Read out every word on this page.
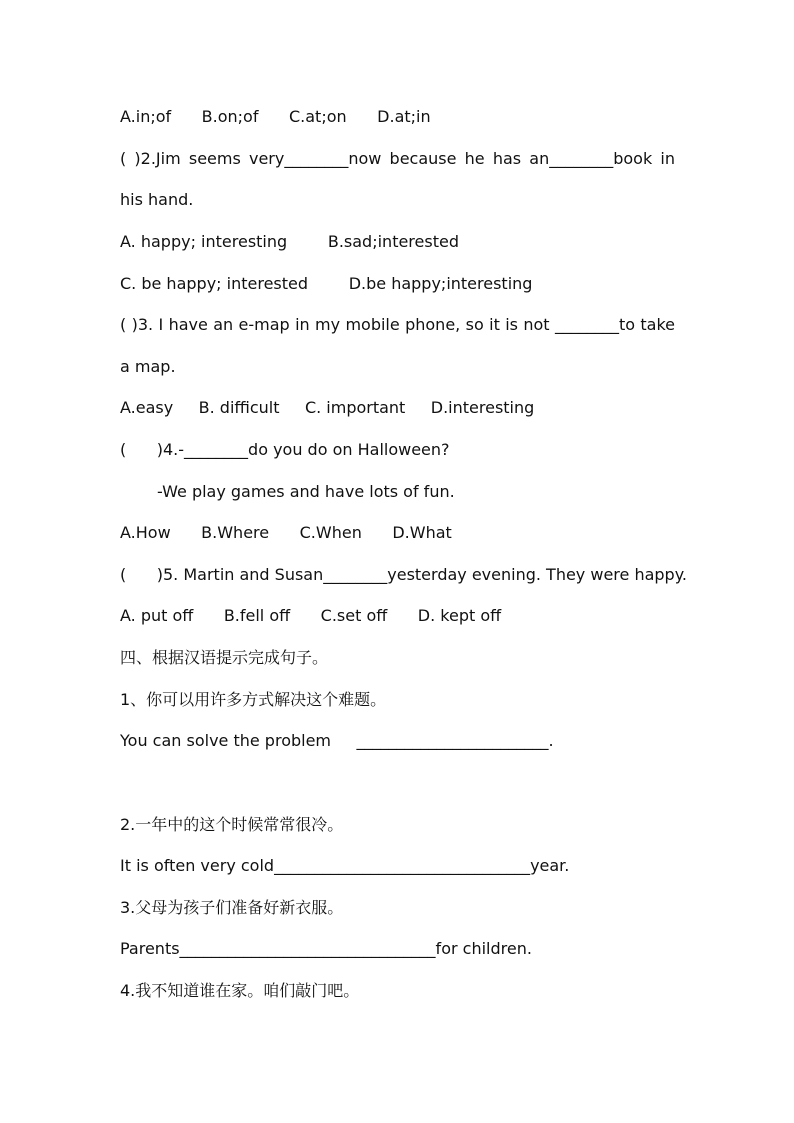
A.in;of      B.on;of      C.at;on      D.at;in
( )2.Jim seems very________now because he has an________book in
his hand.
A. happy; interesting        B.sad;interested
C. be happy; interested        D.be happy;interesting
( )3. I have an e-map in my mobile phone, so it is not ________to take
a map.
A.easy     B. difficult     C. important     D.interesting
(      )4.-________do you do on Halloween?
-We play games and have lots of fun.
A.How      B.Where      C.When      D.What
(      )5. Martin and Susan________yesterday evening. They were happy.
A. put off      B.fell off      C.set off      D. kept off
四、根据汉语提示完成句子。
1、你可以用许多方式解决这个难题。
You can solve the problem     ________________________.
2.一年中的这个时候常常很冷。
It is often very cold________________________________year.
3.父母为孩子们准备好新衣服。
Parents________________________________for children.
4.我不知道谁在家。咱们敲门吧。
